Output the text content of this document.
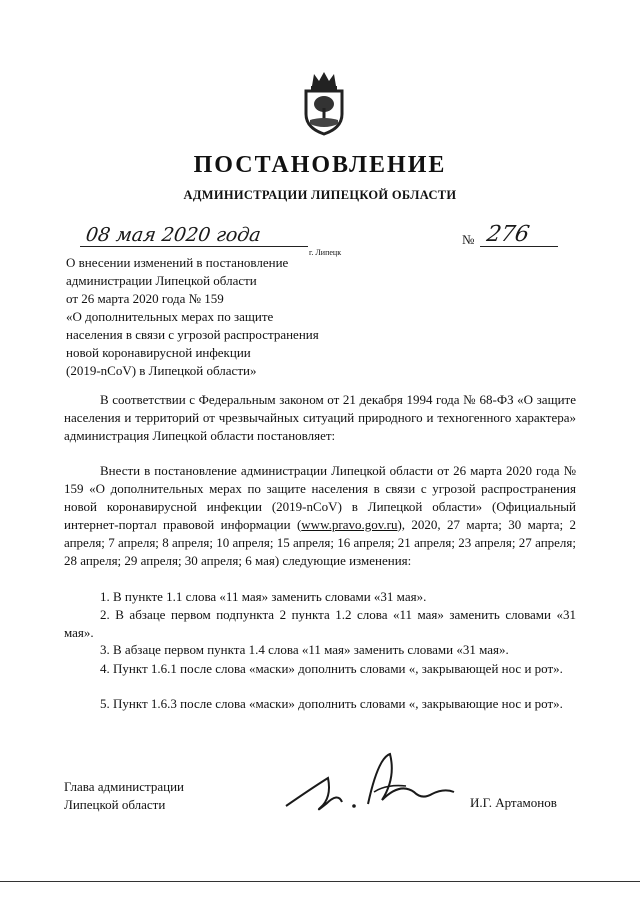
ПОСТАНОВЛЕНИЕ
АДМИНИСТРАЦИИ ЛИПЕЦКОЙ ОБЛАСТИ
08 мая 2020 года
г. Липецк
№ 276
О внесении изменений в постановление
администрации Липецкой области
от 26 марта 2020 года № 159
«О дополнительных мерах по защите
населения в связи с угрозой распространения
новой коронавирусной инфекции
(2019-nCoV) в Липецкой области»
В соответствии с Федеральным законом от 21 декабря 1994 года № 68-ФЗ «О защите населения и территорий от чрезвычайных ситуаций природного и техногенного характера» администрация Липецкой области постановляет:
Внести в постановление администрации Липецкой области от 26 марта 2020 года № 159 «О дополнительных мерах по защите населения в связи с угрозой распространения новой коронавирусной инфекции (2019-nCoV) в Липецкой области» (Официальный интернет-портал правовой информации (www.pravo.gov.ru), 2020, 27 марта; 30 марта; 2 апреля; 7 апреля; 8 апреля; 10 апреля; 15 апреля; 16 апреля; 21 апреля; 23 апреля; 27 апреля; 28 апреля; 29 апреля; 30 апреля; 6 мая) следующие изменения:
1. В пункте 1.1 слова «11 мая» заменить словами «31 мая».
2. В абзаце первом подпункта 2 пункта 1.2 слова «11 мая» заменить словами «31 мая».
3. В абзаце первом пункта 1.4 слова «11 мая» заменить словами «31 мая».
4. Пункт 1.6.1 после слова «маски» дополнить словами «, закрывающей нос и рот».
5. Пункт 1.6.3 после слова «маски» дополнить словами «, закрывающие нос и рот».
Глава администрации
Липецкой области	И.Г. Артамонов
